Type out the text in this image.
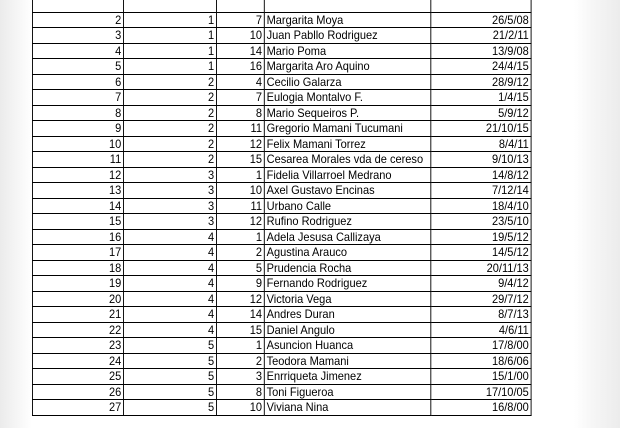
2	1	7	Margarita Moya	26/5/08
3	1	10	Juan Pabllo Rodriguez	21/2/11
4	1	14	Mario Poma	13/9/08
5	1	16	Margarita Aro Aquino	24/4/15
6	2	4	Cecilio Galarza	28/9/12
7	2	7	Eulogia Montalvo F.	1/4/15
8	2	8	Mario Sequeiros P.	5/9/12
9	2	11	Gregorio Mamani Tucumani	21/10/15
10	2	12	Felix Mamani Torrez	8/4/11
11	2	15	Cesarea Morales vda de cereso	9/10/13
12	3	1	Fidelia Villarroel Medrano	14/8/12
13	3	10	Axel Gustavo Encinas	7/12/14
14	3	11	Urbano Calle	18/4/10
15	3	12	Rufino Rodriguez	23/5/10
16	4	1	Adela Jesusa Callizaya	19/5/12
17	4	2	Agustina Arauco	14/5/12
18	4	5	Prudencia Rocha	20/11/13
19	4	9	Fernando Rodriguez	9/4/12
20	4	12	Victoria Vega	29/7/12
21	4	14	Andres Duran	8/7/13
22	4	15	Daniel Angulo	4/6/11
23	5	1	Asuncion Huanca	17/8/00
24	5	2	Teodora Mamani	18/6/06
25	5	3	Enrriqueta Jimenez	15/1/00
26	5	8	Toni Figueroa	17/10/05
27	5	10	Viviana Nina	16/8/00
